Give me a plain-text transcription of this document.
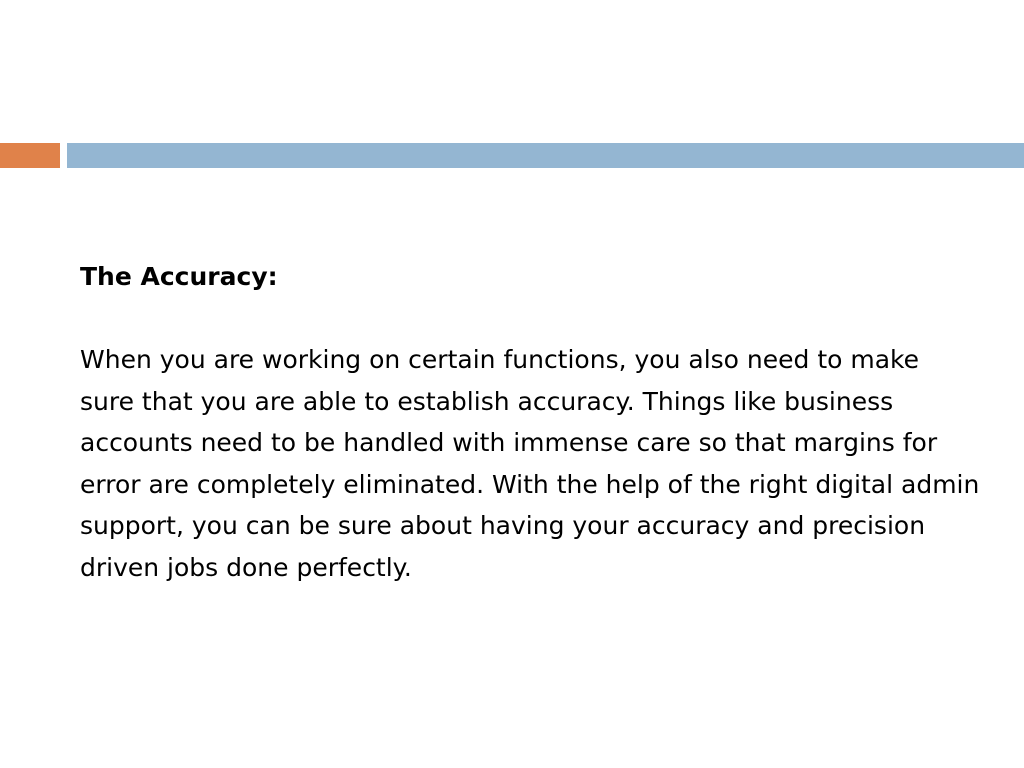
The Accuracy:

When you are working on certain functions, you also need to make sure that you are able to establish accuracy. Things like business accounts need to be handled with immense care so that margins for error are completely eliminated. With the help of the right digital admin support, you can be sure about having your accuracy and precision driven jobs done perfectly.
